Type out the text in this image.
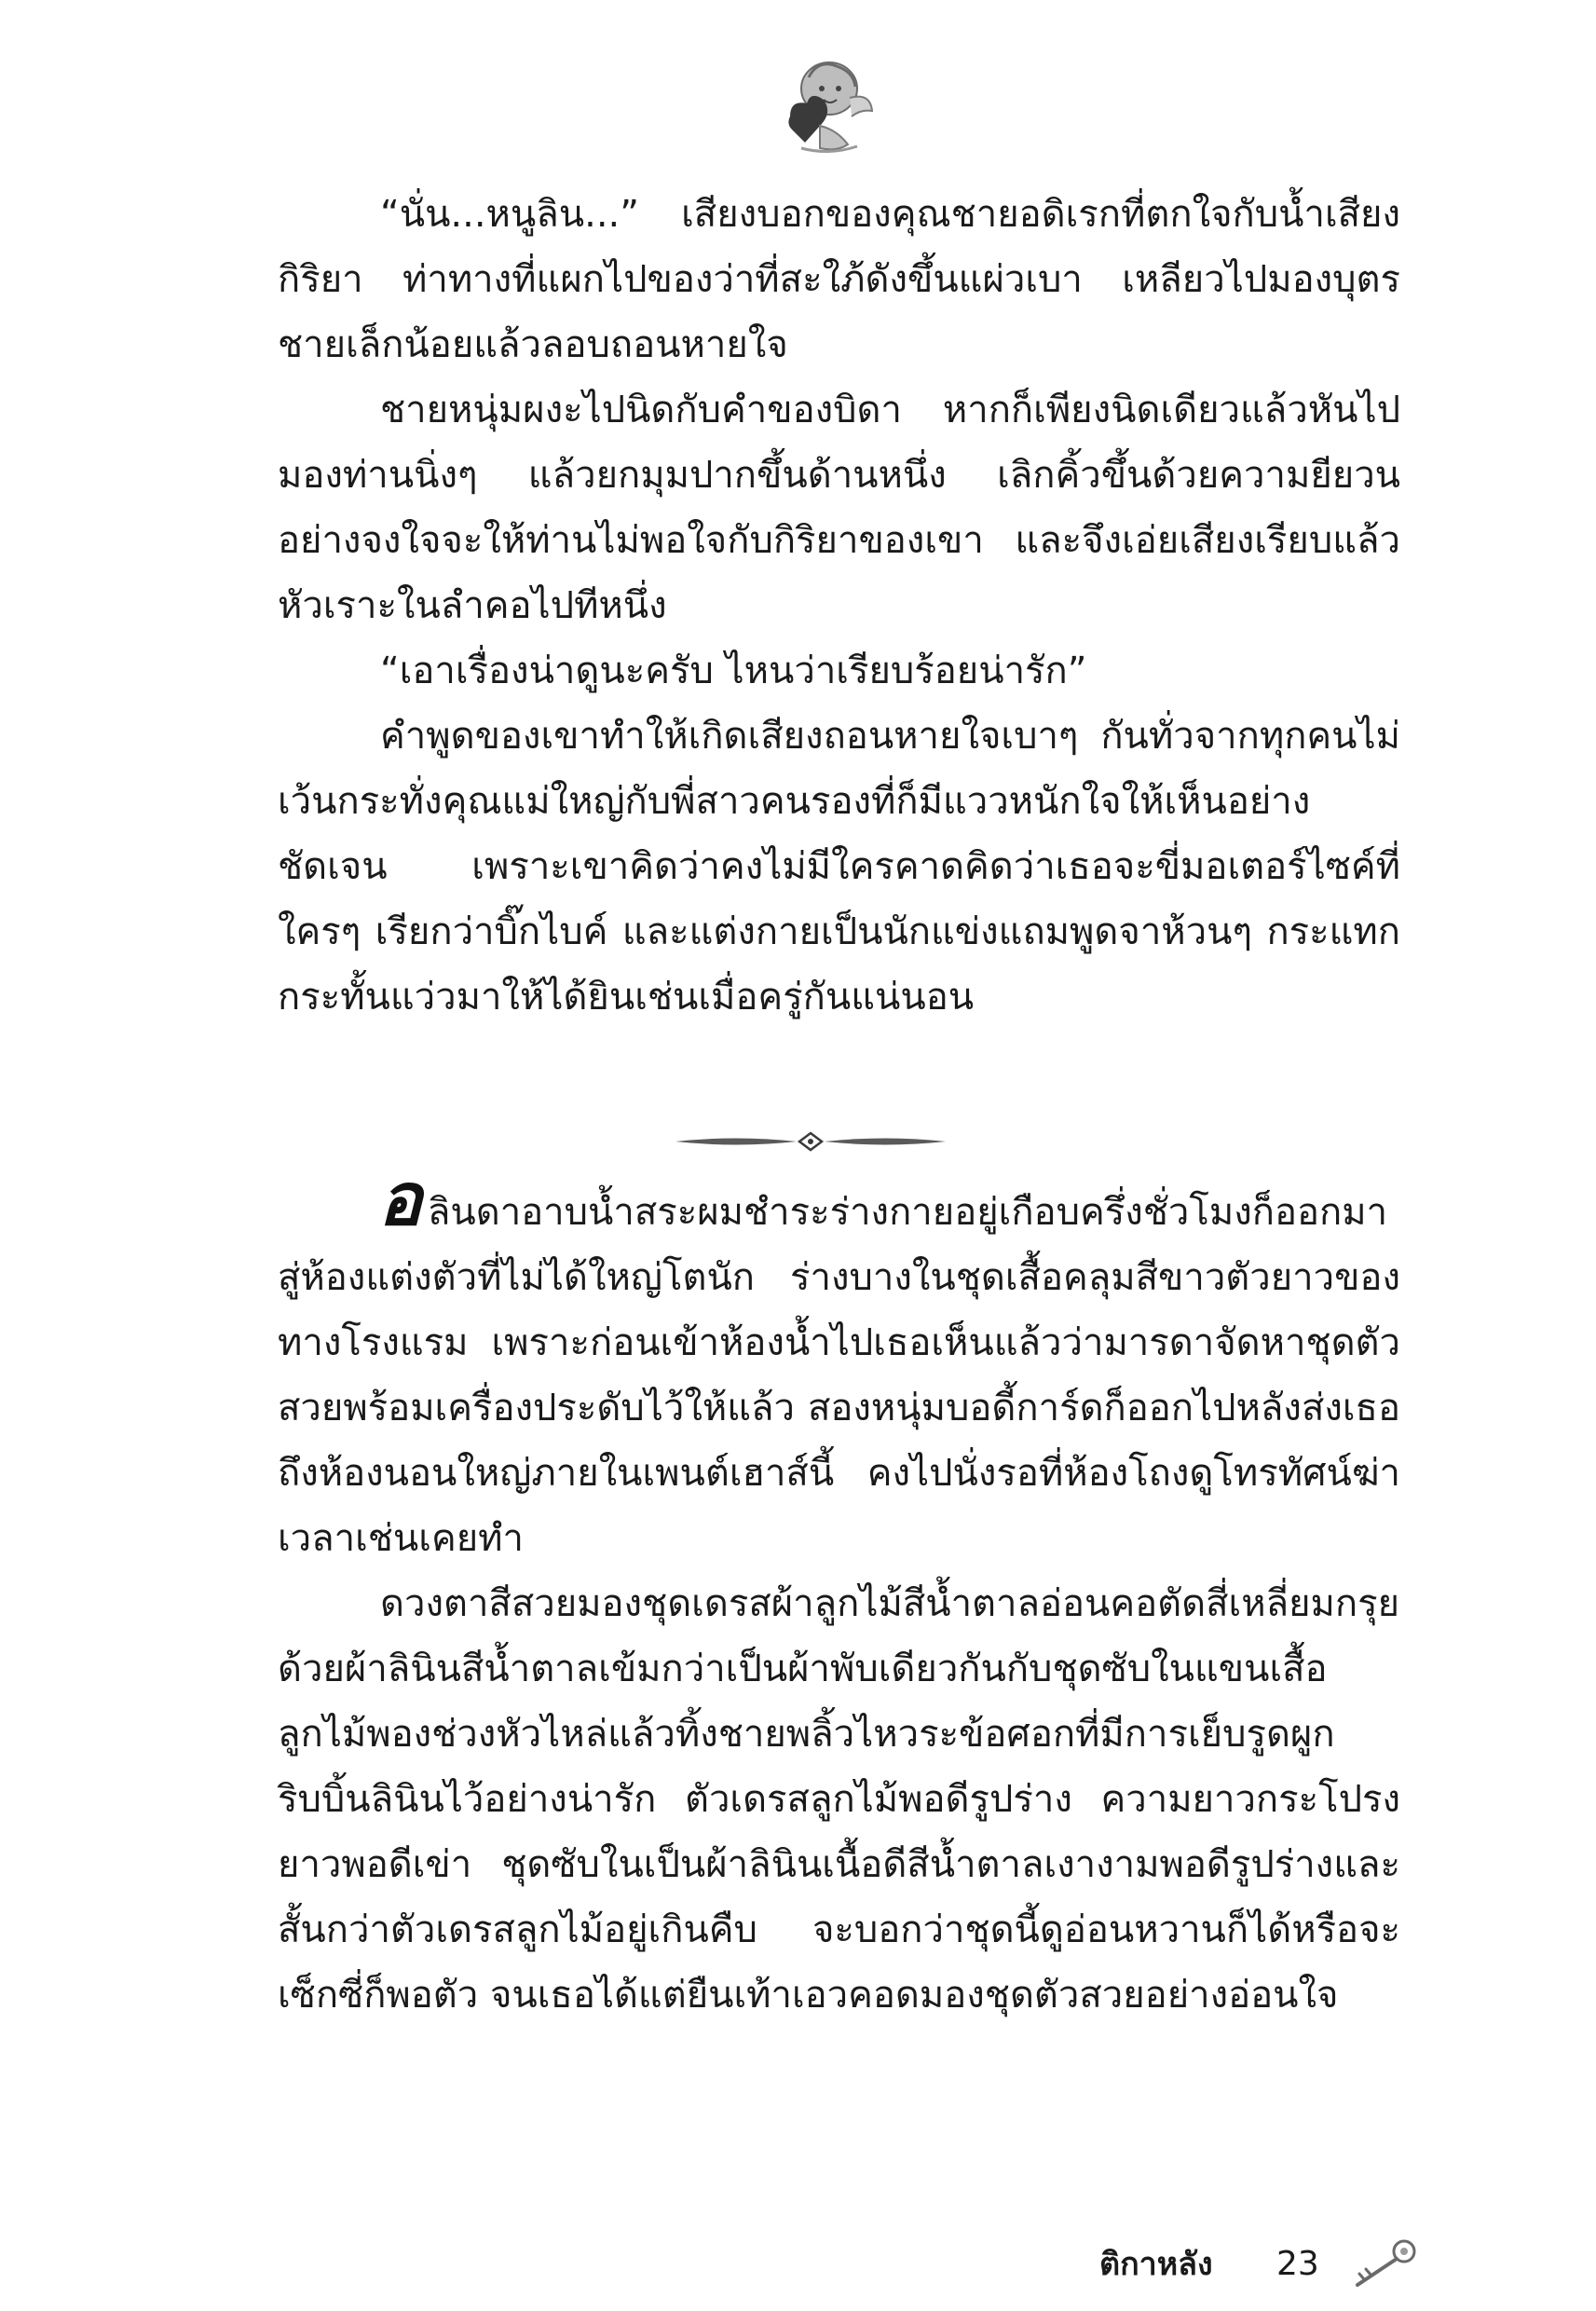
“นั่น...หนูลิน...” เสียงบอกของคุณชายอดิเรกที่ตกใจกับน้ำเสียงกิริยา ท่าทางที่แผกไปของว่าที่สะใภ้ดังขึ้นแผ่วเบา เหลียวไปมองบุตรชายเล็กน้อยแล้วลอบถอนหายใจ

ชายหนุ่มผงะไปนิดกับคำของบิดา หากก็เพียงนิดเดียวแล้วหันไปมองท่านนิ่งๆ แล้วยกมุมปากขึ้นด้านหนึ่ง เลิกคิ้วขึ้นด้วยความยียวนอย่างจงใจจะให้ท่านไม่พอใจกับกิริยาของเขา และจึงเอ่ยเสียงเรียบแล้วหัวเราะในลำคอไปทีหนึ่ง

“เอาเรื่องน่าดูนะครับ ไหนว่าเรียบร้อยน่ารัก”

คำพูดของเขาทำให้เกิดเสียงถอนหายใจเบาๆ กันทั่วจากทุกคนไม่เว้นกระทั่งคุณแม่ใหญ่กับพี่สาวคนรองที่ก็มีแววหนักใจให้เห็นอย่างชัดเจน เพราะเขาคิดว่าคงไม่มีใครคาดคิดว่าเธอจะขี่มอเตอร์ไซค์ที่ใครๆ เรียกว่าบิ๊กไบค์ และแต่งกายเป็นนักแข่งแถมพูดจาห้วนๆ กระแทกกระทั้นแว่วมาให้ได้ยินเช่นเมื่อครู่กันแน่นอน

อลินดาอาบน้ำสระผมชำระร่างกายอยู่เกือบครึ่งชั่วโมงก็ออกมาสู่ห้องแต่งตัวที่ไม่ได้ใหญ่โตนัก ร่างบางในชุดเสื้อคลุมสีขาวตัวยาวของทางโรงแรม เพราะก่อนเข้าห้องน้ำไปเธอเห็นแล้วว่ามารดาจัดหาชุดตัวสวยพร้อมเครื่องประดับไว้ให้แล้ว สองหนุ่มบอดี้การ์ดก็ออกไปหลังส่งเธอถึงห้องนอนใหญ่ภายในเพนต์เฮาส์นี้ คงไปนั่งรอที่ห้องโถงดูโทรทัศน์ฆ่าเวลาเช่นเคยทำ

ดวงตาสีสวยมองชุดเดรสผ้าลูกไม้สีน้ำตาลอ่อนคอตัดสี่เหลี่ยมกรุยด้วยผ้าลินินสีน้ำตาลเข้มกว่าเป็นผ้าพับเดียวกันกับชุดซับในแขนเสื้อลูกไม้พองช่วงหัวไหล่แล้วทิ้งชายพลิ้วไหวระข้อศอกที่มีการเย็บรูดผูกริบบิ้นลินินไว้อย่างน่ารัก ตัวเดรสลูกไม้พอดีรูปร่าง ความยาวกระโปรงยาวพอดีเข่า ชุดซับในเป็นผ้าลินินเนื้อดีสีน้ำตาลเงางามพอดีรูปร่างและสั้นกว่าตัวเดรสลูกไม้อยู่เกินคืบ จะบอกว่าชุดนี้ดูอ่อนหวานก็ได้หรือจะเซ็กซี่ก็พอตัว จนเธอได้แต่ยืนเท้าเอวคอดมองชุดตัวสวยอย่างอ่อนใจ

ติกาหลัง 23
